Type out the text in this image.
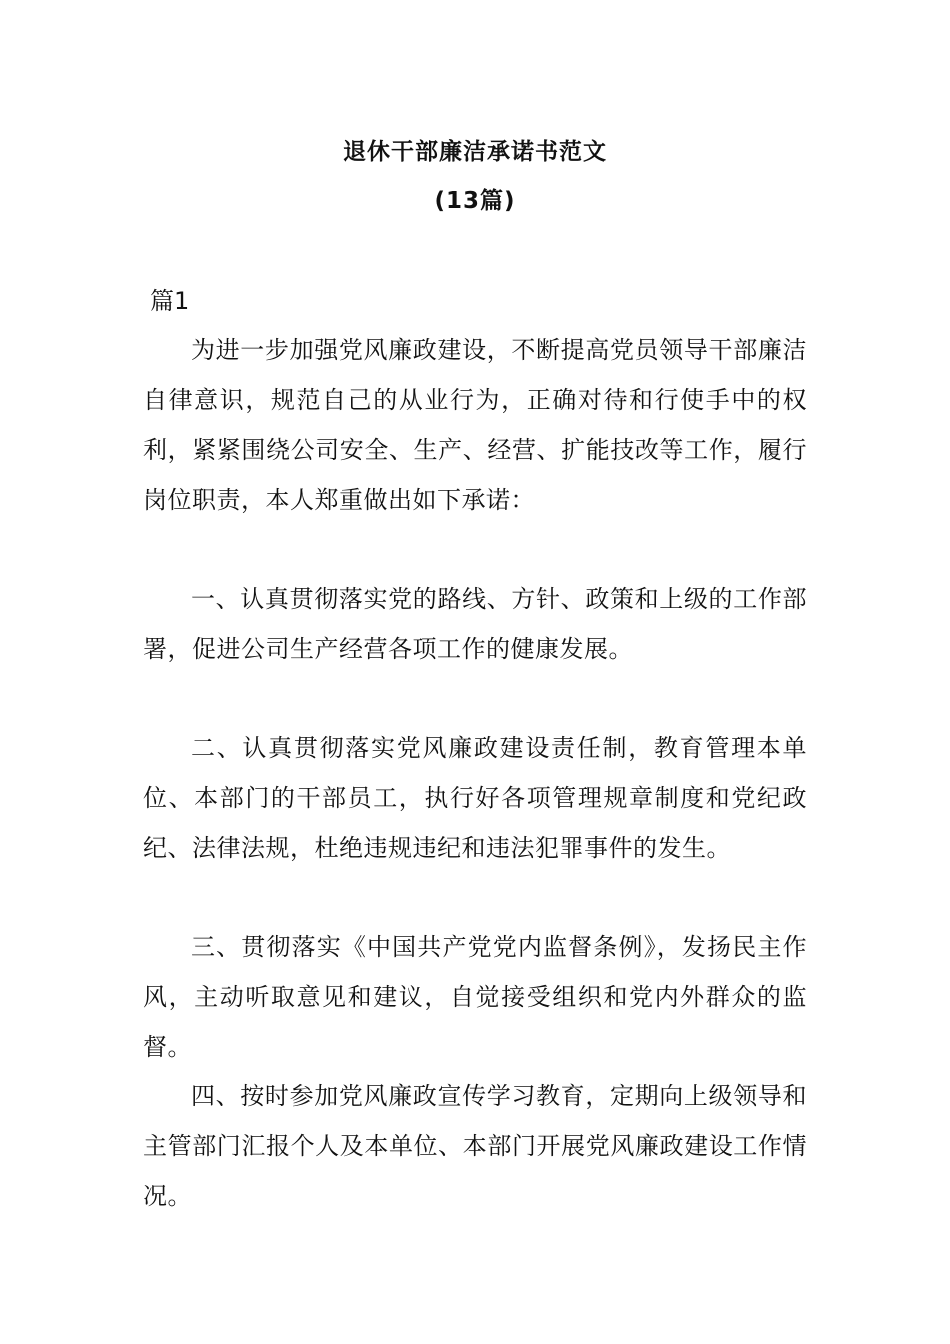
退休干部廉洁承诺书范文
(13篇)
篇1

为进一步加强党风廉政建设，不断提高党员领导干部廉洁自律意识，规范自己的从业行为，正确对待和行使手中的权利，紧紧围绕公司安全、生产、经营、扩能技改等工作，履行岗位职责，本人郑重做出如下承诺：

一、认真贯彻落实党的路线、方针、政策和上级的工作部署，促进公司生产经营各项工作的健康发展。

二、认真贯彻落实党风廉政建设责任制，教育管理本单位、本部门的干部员工，执行好各项管理规章制度和党纪政纪、法律法规，杜绝违规违纪和违法犯罪事件的发生。

三、贯彻落实《中国共产党党内监督条例》，发扬民主作风，主动听取意见和建议，自觉接受组织和党内外群众的监督。

四、按时参加党风廉政宣传学习教育，定期向上级领导和主管部门汇报个人及本单位、本部门开展党风廉政建设工作情况。
